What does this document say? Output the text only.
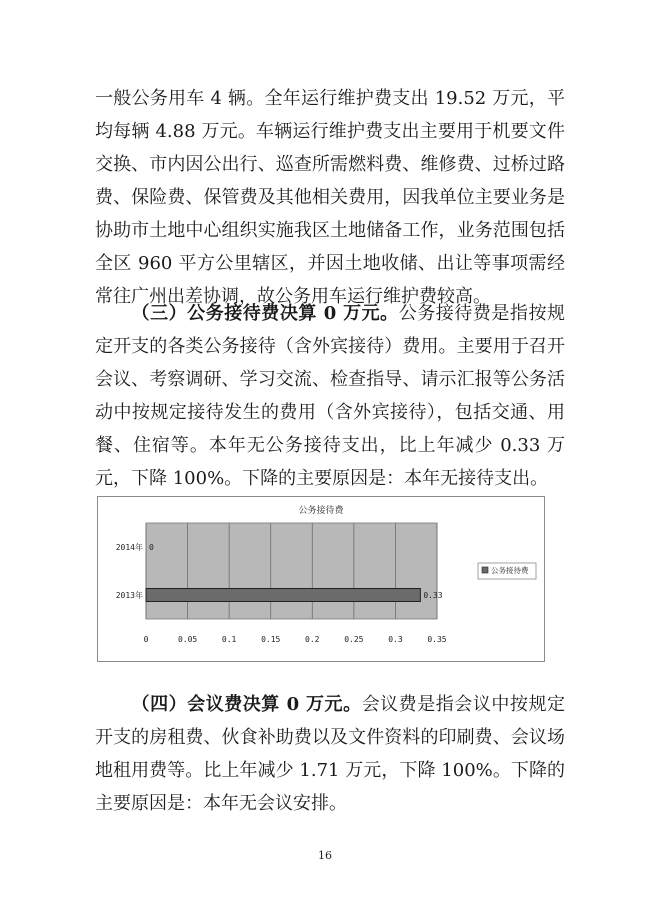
一般公务用车 4 辆。全年运行维护费支出 19.52 万元，平均每辆 4.88 万元。车辆运行维护费支出主要用于机要文件交换、市内因公出行、巡查所需燃料费、维修费、过桥过路费、保险费、保管费及其他相关费用，因我单位主要业务是协助市土地中心组织实施我区土地储备工作，业务范围包括全区 960 平方公里辖区，并因土地收储、出让等事项需经常往广州出差协调，故公务用车运行维护费较高。

（三）公务接待费决算 0 万元。公务接待费是指按规定开支的各类公务接待（含外宾接待）费用。主要用于召开会议、考察调研、学习交流、检查指导、请示汇报等公务活动中按规定接待发生的费用（含外宾接待），包括交通、用餐、住宿等。本年无公务接待支出，比上年减少 0.33 万元，下降 100%。下降的主要原因是：本年无接待支出。

公务接待费
2014年
2013年
0
0.33
0	0.05	0.1	0.15	0.2	0.25	0.3	0.35
公务接待费

（四）会议费决算 0 万元。会议费是指会议中按规定开支的房租费、伙食补助费以及文件资料的印刷费、会议场地租用费等。比上年减少 1.71 万元，下降 100%。下降的主要原因是：本年无会议安排。

16
